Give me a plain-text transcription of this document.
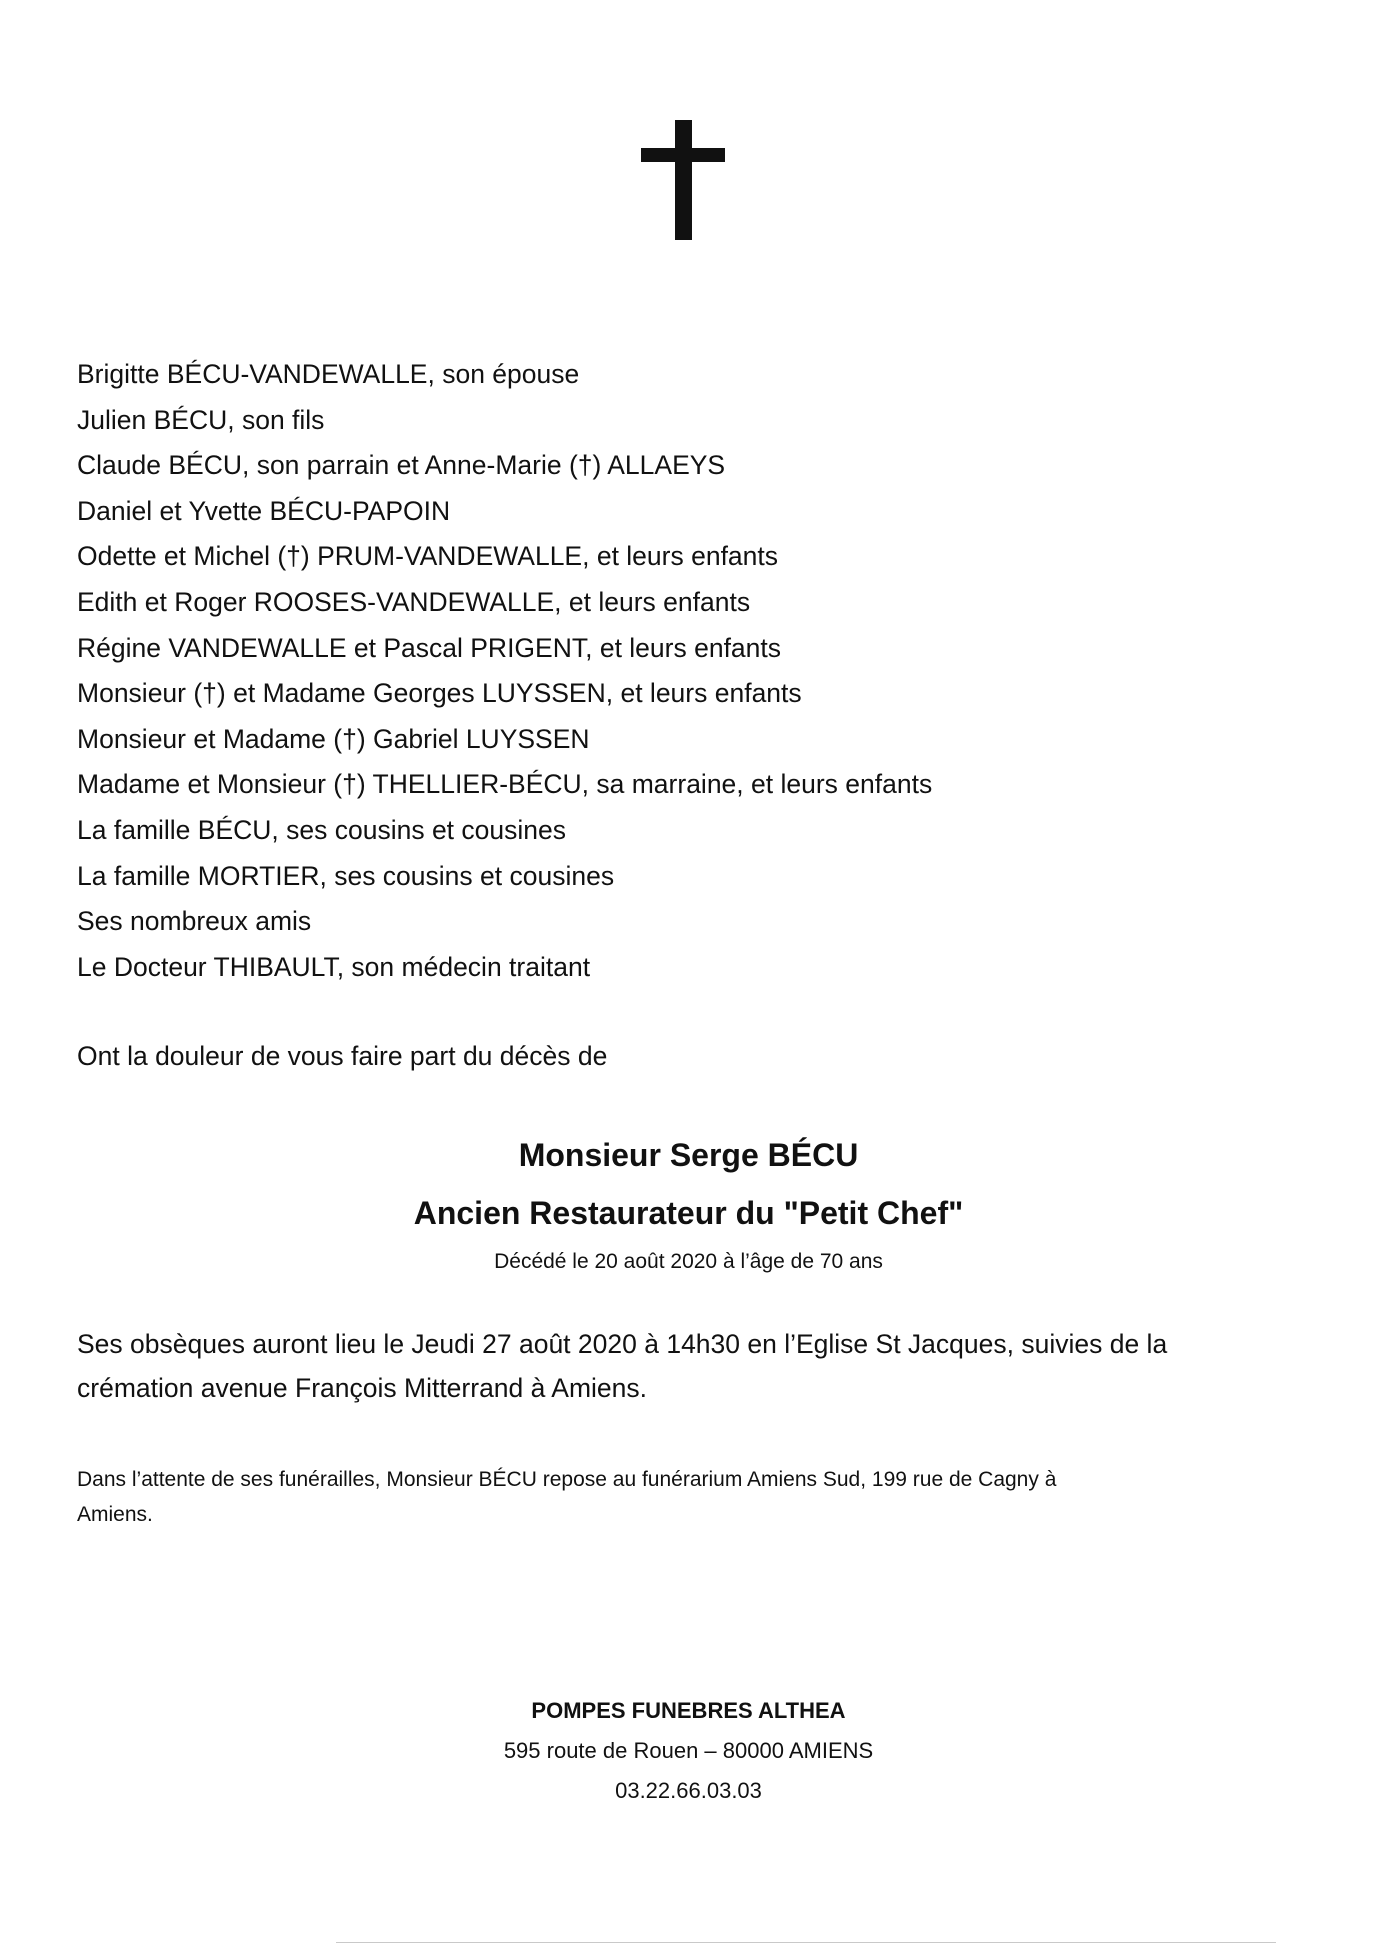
Brigitte BÉCU-VANDEWALLE, son épouse
Julien BÉCU, son fils
Claude BÉCU, son parrain et Anne-Marie (†) ALLAEYS
Daniel et Yvette BÉCU-PAPOIN
Odette et Michel (†) PRUM-VANDEWALLE, et leurs enfants
Edith et Roger ROOSES-VANDEWALLE, et leurs enfants
Régine VANDEWALLE et Pascal PRIGENT, et leurs enfants
Monsieur (†) et Madame Georges LUYSSEN, et leurs enfants
Monsieur et Madame (†) Gabriel LUYSSEN
Madame et Monsieur (†) THELLIER-BÉCU, sa marraine, et leurs enfants
La famille BÉCU, ses cousins et cousines
La famille MORTIER, ses cousins et cousines
Ses nombreux amis
Le Docteur THIBAULT, son médecin traitant
Ont la douleur de vous faire part du décès de
Monsieur Serge BÉCU
Ancien Restaurateur du "Petit Chef"
Décédé le 20 août 2020 à l’âge de 70 ans
Ses obsèques auront lieu le Jeudi 27 août 2020 à 14h30 en l’Eglise St Jacques, suivies de la
crémation avenue François Mitterrand à Amiens.
Dans l’attente de ses funérailles, Monsieur BÉCU repose au funérarium Amiens Sud, 199 rue de Cagny à
Amiens.
POMPES FUNEBRES ALTHEA
595 route de Rouen – 80000 AMIENS
03.22.66.03.03
